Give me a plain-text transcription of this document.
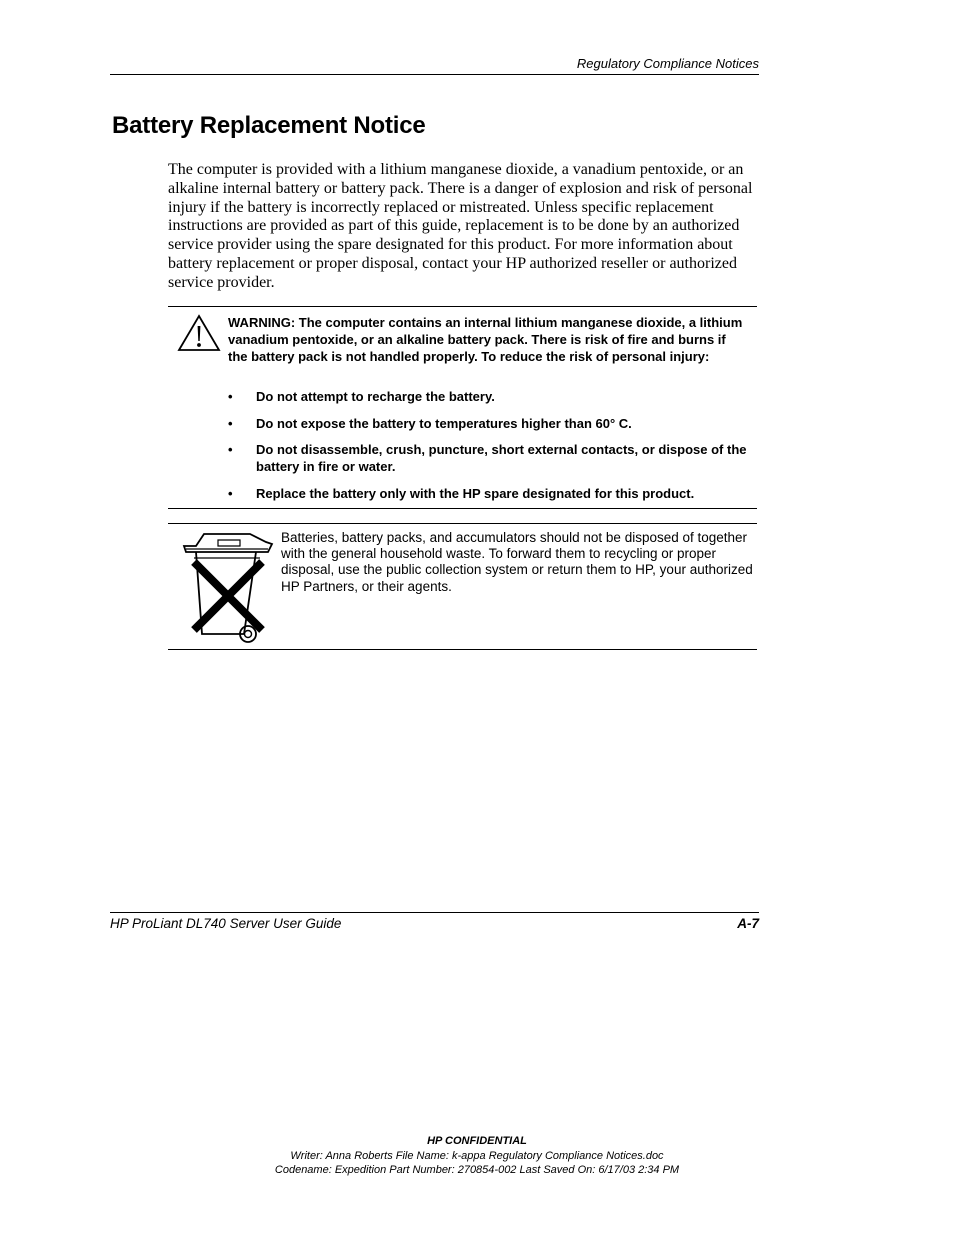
Regulatory Compliance Notices
Battery Replacement Notice

The computer is provided with a lithium manganese dioxide, a vanadium pentoxide, or an alkaline internal battery or battery pack. There is a danger of explosion and risk of personal injury if the battery is incorrectly replaced or mistreated. Unless specific replacement instructions are provided as part of this guide, replacement is to be done by an authorized service provider using the spare designated for this product. For more information about battery replacement or proper disposal, contact your HP authorized reseller or authorized service provider.

WARNING: The computer contains an internal lithium manganese dioxide, a lithium vanadium pentoxide, or an alkaline battery pack. There is risk of fire and burns if the battery pack is not handled properly. To reduce the risk of personal injury:

• Do not attempt to recharge the battery.
• Do not expose the battery to temperatures higher than 60° C.
• Do not disassemble, crush, puncture, short external contacts, or dispose of the battery in fire or water.
• Replace the battery only with the HP spare designated for this product.

Batteries, battery packs, and accumulators should not be disposed of together with the general household waste. To forward them to recycling or proper disposal, use the public collection system or return them to HP, your authorized HP Partners, or their agents.

HP ProLiant DL740 Server User Guide	A-7
HP CONFIDENTIAL
Writer: Anna Roberts File Name: k-appa Regulatory Compliance Notices.doc
Codename: Expedition Part Number: 270854-002 Last Saved On: 6/17/03 2:34 PM
